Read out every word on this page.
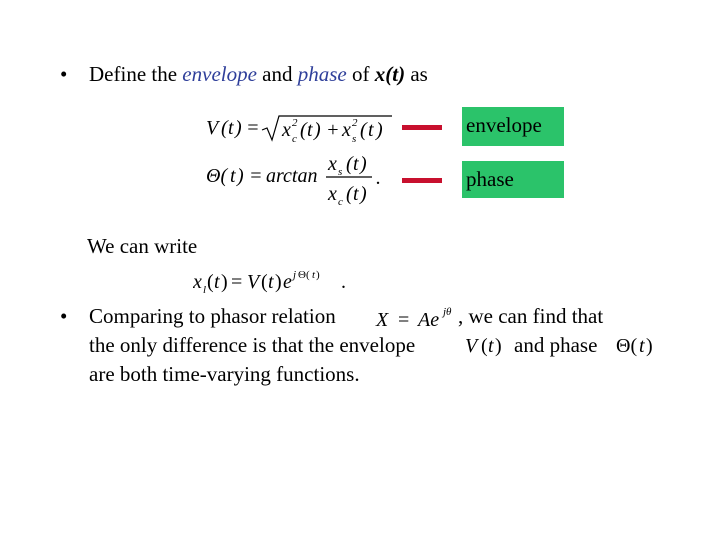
• Define the envelope and phase of x(t) as
V ( t ) = x 2
c ( t ) + x 2
s ( t )
Θ( t ) = arctan
x s ( t )
x c ( t )
.
envelope
phase
We can write
x l ( t ) = V ( t ) e j Θ( t ) .
• Comparing to phasor relation X = Ae jθ , we can find that
the only difference is that the envelope V ( t ) and phase Θ( t )
are both time-varying functions.
